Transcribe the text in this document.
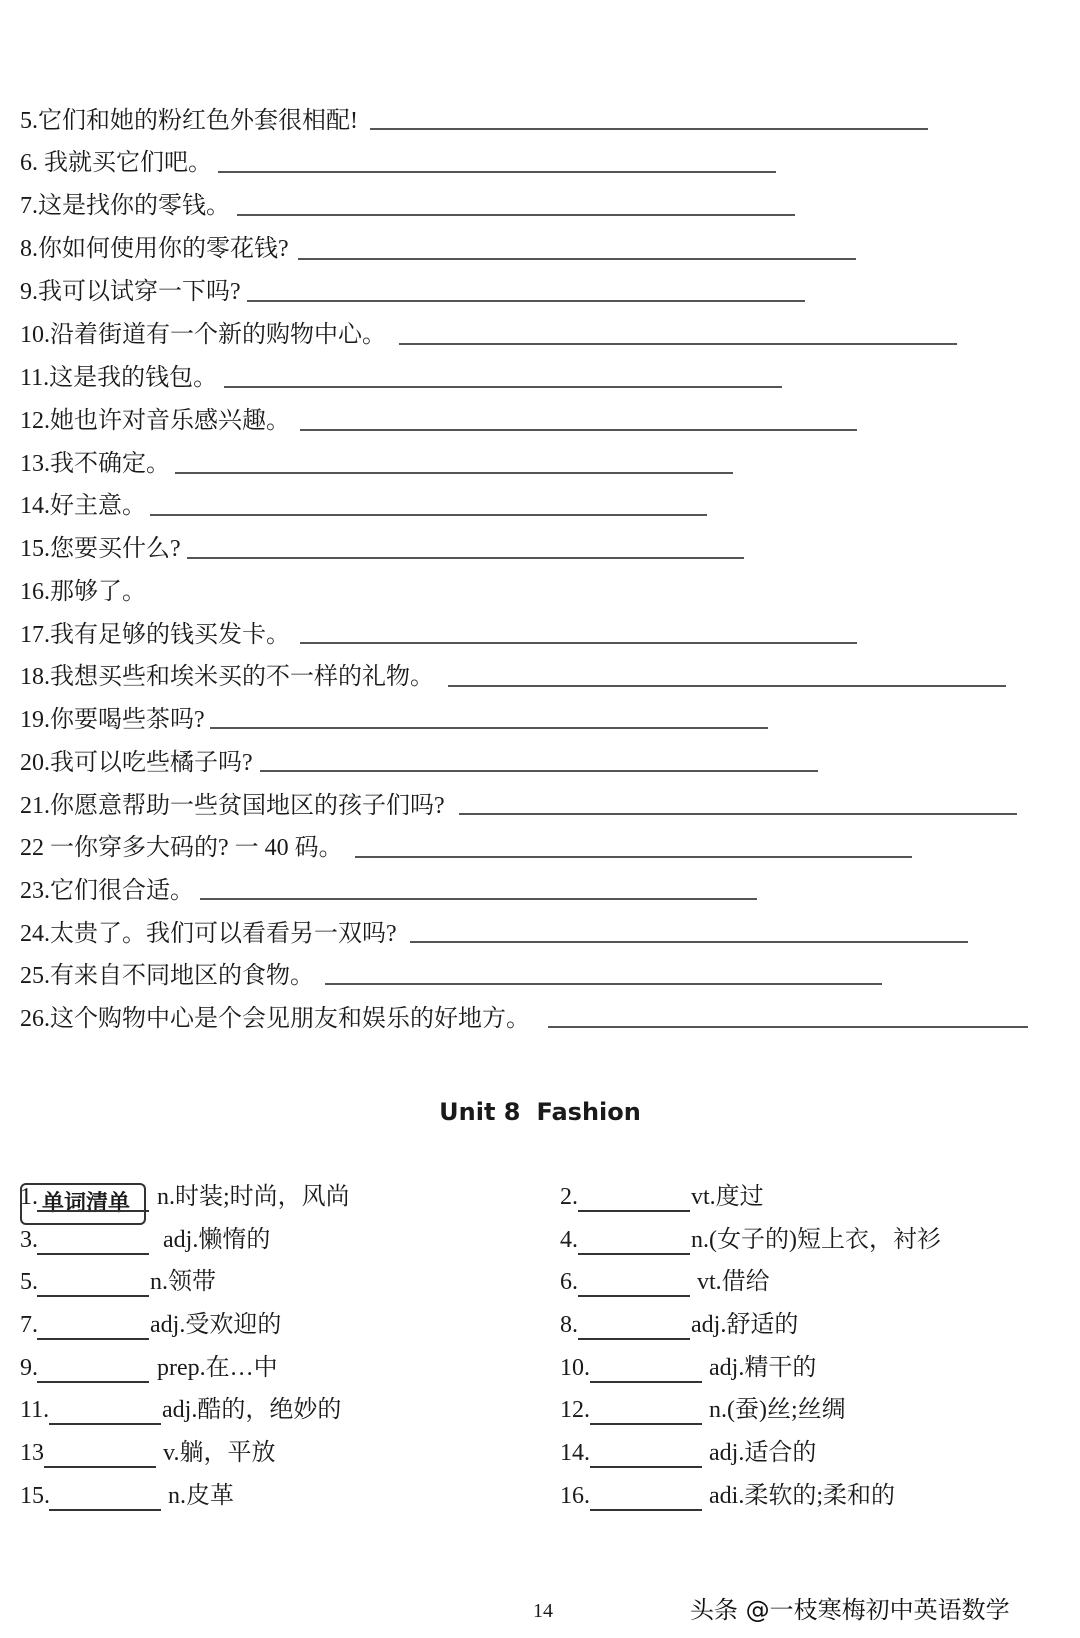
5.它们和她的粉红色外套很相配!
6. 我就买它们吧。
7.这是找你的零钱。
8.你如何使用你的零花钱?
9.我可以试穿一下吗?
10.沿着街道有一个新的购物中心。
11.这是我的钱包。
12.她也许对音乐感兴趣。
13.我不确定。
14.好主意。
15.您要买什么?
16.那够了。
17.我有足够的钱买发卡。
18.我想买些和埃米买的不一样的礼物。
19.你要喝些茶吗?
20.我可以吃些橘子吗?
21.你愿意帮助一些贫国地区的孩子们吗?
22 一你穿多大码的? 一 40 码。
23.它们很合适。
24.太贵了。我们可以看看另一双吗?
25.有来自不同地区的食物。
26.这个购物中心是个会见朋友和娱乐的好地方。
Unit 8 Fashion
单词清单
1.	n.时装;时尚，风尚
3.	adj.懒惰的
5.	n.领带
7.	adj.受欢迎的
9.	prep.在…中
11.	adj.酷的，绝妙的
13	v.躺，平放
15.	n.皮革
2.	vt.度过
4.	n.(女子的)短上衣，衬衫
6.	vt.借给
8.	adj.舒适的
10.	adj.精干的
12.	n.(蚕)丝;丝绸
14.	adj.适合的
16.	adi.柔软的;柔和的
14	头条 @一枝寒梅初中英语数学
